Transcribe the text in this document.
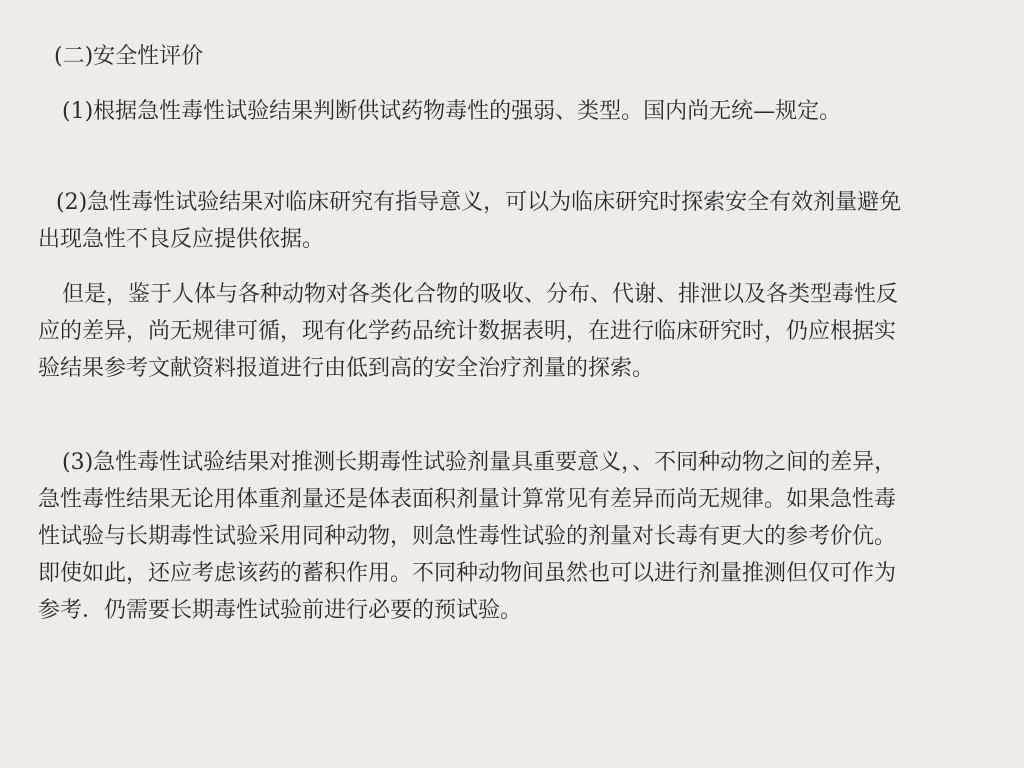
(二)安全性评价

(1)根据急性毒性试验结果判断供试药物毒性的强弱、类型。国内尚无统—规定。

(2)急性毒性试验结果对临床研究有指导意义，可以为临床研究时探索安全有效剂量避免出现急性不良反应提供依据。

但是，鉴于人体与各种动物对各类化合物的吸收、分布、代谢、排泄以及各类型毒性反应的差异，尚无规律可循，现有化学药品统计数据表明，在进行临床研究时，仍应根据实验结果参考文献资料报道进行由低到高的安全治疗剂量的探索。

(3)急性毒性试验结果对推测长期毒性试验剂量具重要意义，、不同种动物之间的差异，急性毒性结果无论用体重剂量还是体表面积剂量计算常见有差异而尚无规律。如果急性毒性试验与长期毒性试验采用同种动物，则急性毒性试验的剂量对长毒有更大的参考价伉。即使如此，还应考虑该药的蓄积作用。不同种动物间虽然也可以进行剂量推测但仅可作为参考．仍需要长期毒性试验前进行必要的预试验。
